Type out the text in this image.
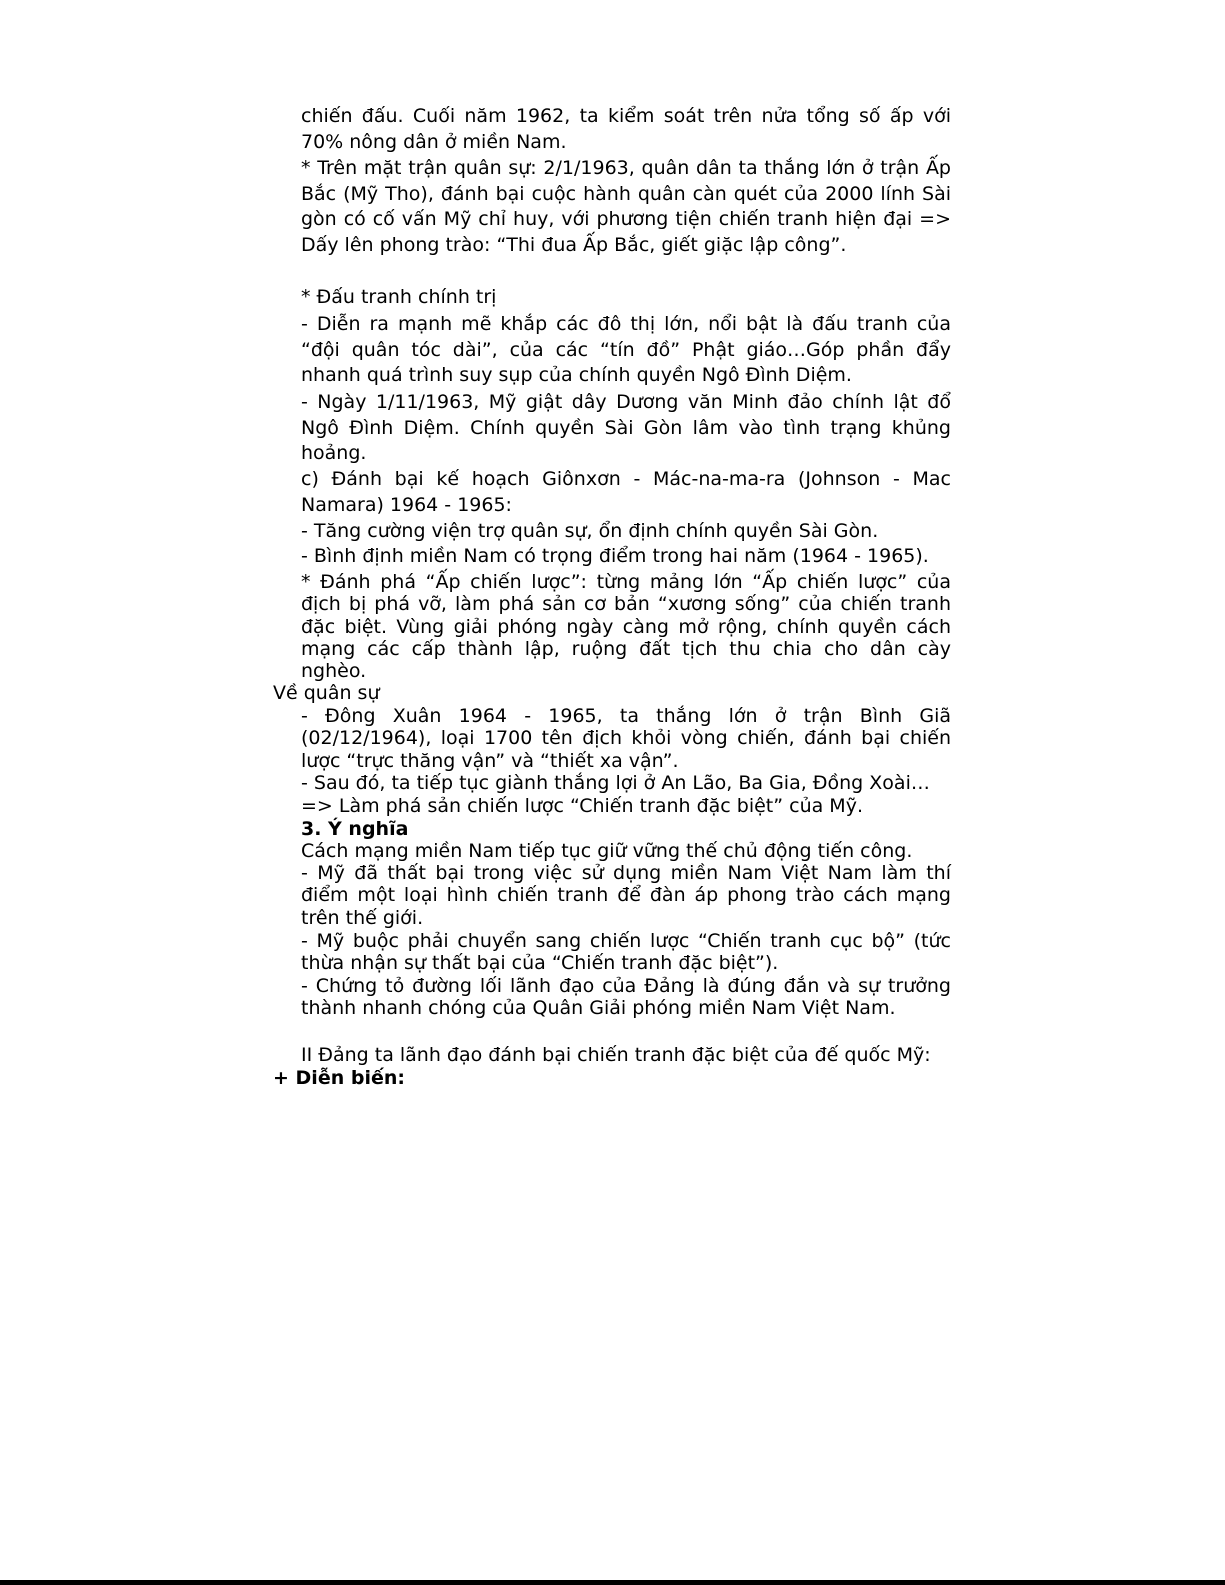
chiến đấu. Cuối năm 1962, ta kiểm soát trên nửa tổng số ấp với 70% nông dân ở miền Nam.

* Trên mặt trận quân sự: 2/1/1963, quân dân ta thắng lớn ở trận Ấp Bắc (Mỹ Tho), đánh bại cuộc hành quân càn quét của 2000 lính Sài gòn có cố vấn Mỹ chỉ huy, với phương tiện chiến tranh hiện đại => Dấy lên phong trào: “Thi đua Ấp Bắc, giết giặc lập công”.

* Đấu tranh chính trị

- Diễn ra mạnh mẽ khắp các đô thị lớn, nổi bật là đấu tranh của “đội quân tóc dài”, của các “tín đồ” Phật giáo…Góp phần đẩy nhanh quá trình suy sụp của chính quyền Ngô Đình Diệm.

- Ngày 1/11/1963, Mỹ giật dây Dương văn Minh đảo chính lật đổ Ngô Đình Diệm. Chính quyền Sài Gòn lâm vào tình trạng khủng hoảng.

c) Đánh bại kế hoạch Giônxơn - Mác-na-ma-ra (Johnson - Mac Namara) 1964 - 1965:

- Tăng cường viện trợ quân sự, ổn định chính quyền Sài Gòn.

- Bình định miền Nam có trọng điểm trong hai năm (1964 - 1965).

* Đánh phá “Ấp chiến lược”: từng mảng lớn “Ấp chiến lược” của địch bị phá vỡ, làm phá sản cơ bản “xương sống” của chiến tranh đặc biệt. Vùng giải phóng ngày càng mở rộng, chính quyền cách mạng các cấp thành lập, ruộng đất tịch thu chia cho dân cày nghèo.

Về quân sự

- Đông Xuân 1964 - 1965, ta thắng lớn ở trận Bình Giã (02/12/1964), loại 1700 tên địch khỏi vòng chiến, đánh bại chiến lược “trực thăng vận” và “thiết xa vận”.

- Sau đó, ta tiếp tục giành thắng lợi ở An Lão, Ba Gia, Đồng Xoài…

=> Làm phá sản chiến lược “Chiến tranh đặc biệt” của Mỹ.

3. Ý nghĩa

Cách mạng miền Nam tiếp tục giữ vững thế chủ động tiến công.

- Mỹ đã thất bại trong việc sử dụng miền Nam Việt Nam làm thí điểm một loại hình chiến tranh để đàn áp phong trào cách mạng trên thế giới.

- Mỹ buộc phải chuyển sang chiến lược “Chiến tranh cục bộ” (tức thừa nhận sự thất bại của “Chiến tranh đặc biệt”).

- Chứng tỏ đường lối lãnh đạo của Đảng là đúng đắn và sự trưởng thành nhanh chóng của Quân Giải phóng miền Nam Việt Nam.

II Đảng ta lãnh đạo đánh bại chiến tranh đặc biệt của đế quốc Mỹ:

+ Diễn biến:
